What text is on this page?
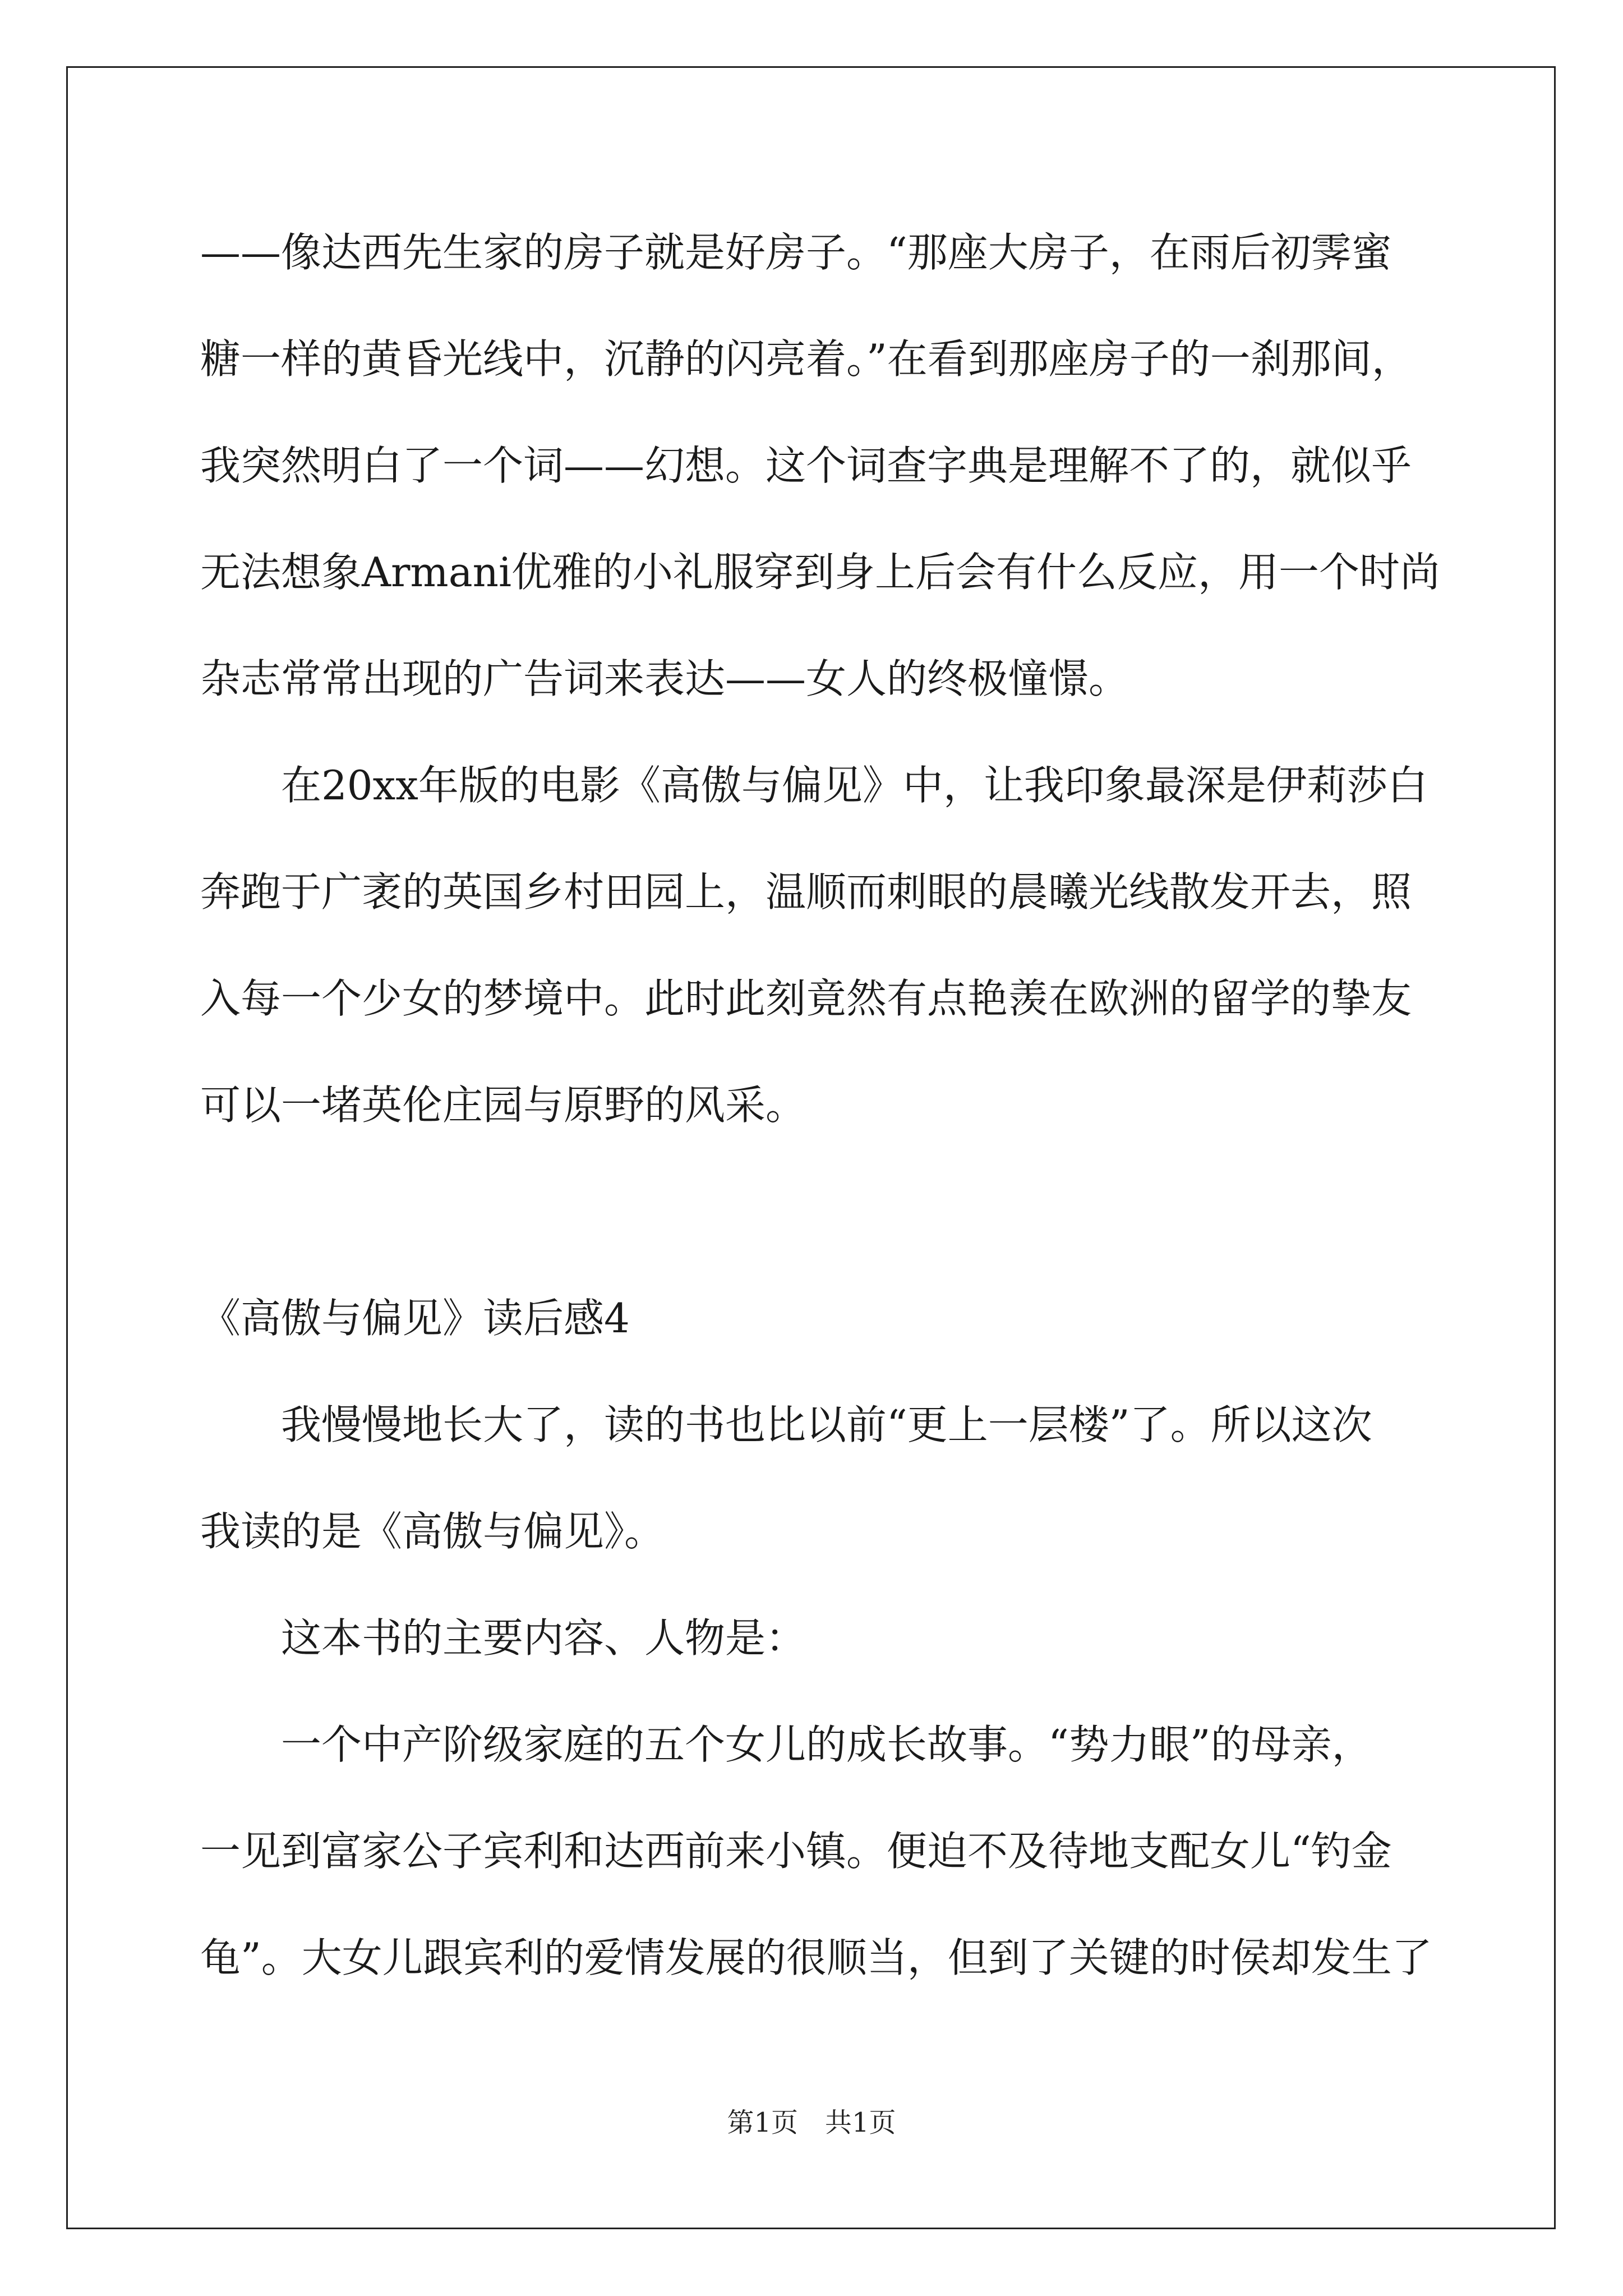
——像达西先生家的房子就是好房子。“那座大房子，在雨后初霁蜜
糖一样的黄昏光线中，沉静的闪亮着。”在看到那座房子的一刹那间，
我突然明白了一个词——幻想。这个词查字典是理解不了的，就似乎
无法想象Armani优雅的小礼服穿到身上后会有什么反应，用一个时尚
杂志常常出现的广告词来表达——女人的终极憧憬。
在20xx年版的电影《高傲与偏见》中，让我印象最深是伊莉莎白
奔跑于广袤的英国乡村田园上，温顺而刺眼的晨曦光线散发开去，照
入每一个少女的梦境中。此时此刻竟然有点艳羡在欧洲的留学的挚友
可以一堵英伦庄园与原野的风采。
《高傲与偏见》读后感4
我慢慢地长大了，读的书也比以前“更上一层楼”了。所以这次
我读的是《高傲与偏见》。
这本书的主要内容、人物是：
一个中产阶级家庭的五个女儿的成长故事。“势力眼”的母亲，
一见到富家公子宾利和达西前来小镇。便迫不及待地支配女儿“钓金
龟”。大女儿跟宾利的爱情发展的很顺当，但到了关键的时侯却发生了
第1页　共1页
